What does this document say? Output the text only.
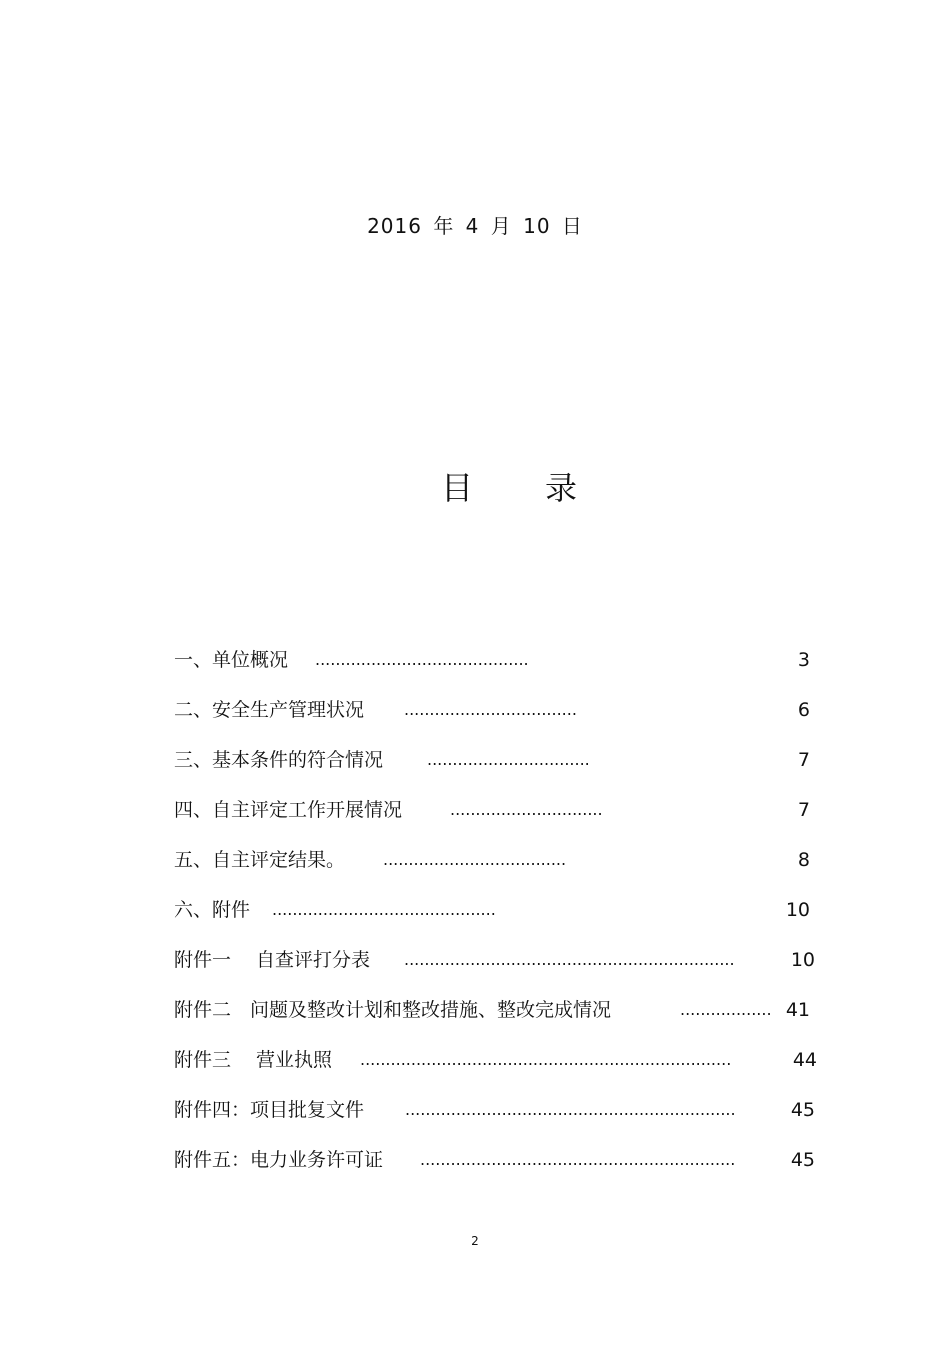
2016 年 4 月 10 日
目 录
一、单位概况 ..........................................	3
二、安全生产管理状况 ..................................	6
三、基本条件的符合情况	................................	7
四、自主评定工作开展情况	..............................	7
五、自主评定结果。 ....................................	8
六、附件 ............................................	10
附件一　 自查评打分表 .................................................................	10
附件二　问题及整改计划和整改措施、整改完成情况	.................. 41
附件三　 营业执照 .........................................................................	44
附件四：项目批复文件	.................................................................	45
附件五：电力业务许可证 ..............................................................	45
2
